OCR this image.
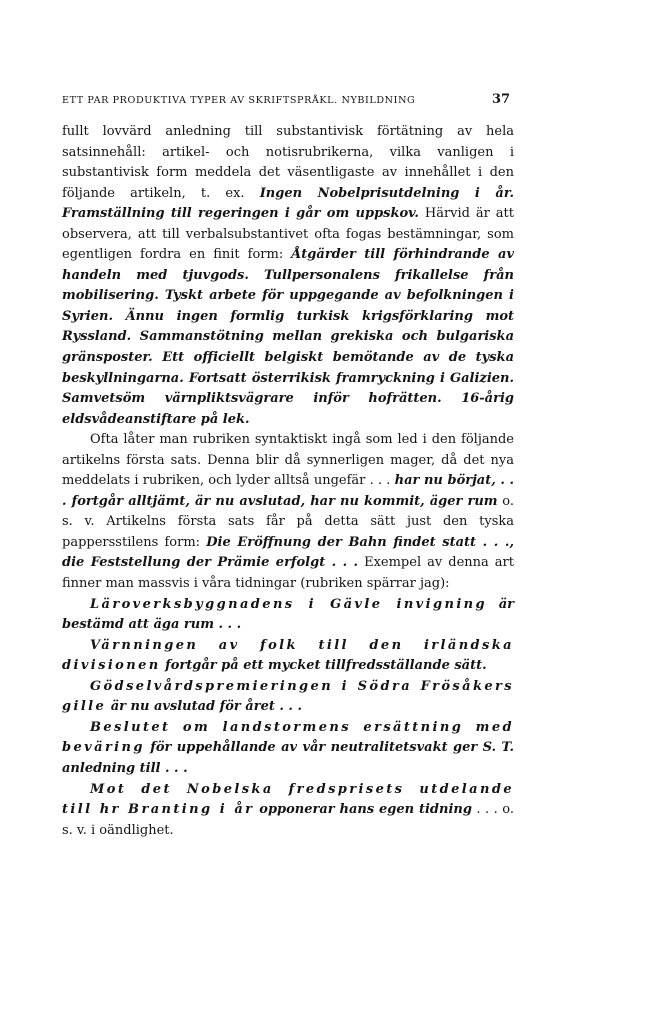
ETT PAR PRODUKTIVA TYPER AV SKRIFTSPRÅKL. NYBILDNING	37

fullt lovvärd anledning till substantivisk förtätning av hela satsinnehåll: artikel- och notisrubrikerna, vilka vanligen i substantivisk form meddela det väsentligaste av innehållet i den följande artikeln, t. ex. Ingen Nobelprisutdelning i år. Framställning till regeringen i går om uppskov. Härvid är att observera, att till verbalsubstantivet ofta fogas bestämningar, som egentligen fordra en finit form: Åtgärder till förhindrande av handeln med tjuvgods. Tullpersonalens frikallelse från mobilisering. Tyskt arbete för uppgegande av befolkningen i Syrien. Ännu ingen formlig turkisk krigsförklaring mot Ryssland. Sammanstötning mellan grekiska och bulgariska gränsposter. Ett officiellt belgiskt bemötande av de tyska beskyllningarna. Fortsatt österrikisk framryckning i Galizien. Samvetsöm värnpliktsvägrare inför hofrätten. 16-årig eldsvådeanstiftare på lek.

Ofta låter man rubriken syntaktiskt ingå som led i den följande artikelns första sats. Denna blir då synnerligen mager, då det nya meddelats i rubriken, och lyder alltså ungefär . . . har nu börjat, . . . fortgår alltjämt, är nu avslutad, har nu kommit, äger rum o. s. v. Artikelns första sats får på detta sätt just den tyska pappersstilens form: Die Eröffnung der Bahn findet statt . . ., die Feststellung der Prämie erfolgt . . . Exempel av denna art finner man massvis i våra tidningar (rubriken spärrar jag):

Läroverksbyggnadens i Gävle invigning är bestämd att äga rum . . .

Värnningen av folk till den irländska divisionen fortgår på ett mycket tillfredsställande sätt.

Gödselvårdspremieringen i Södra Frösåkers gille är nu avslutad för året . . .

Beslutet om landstormens ersättning med beväring för uppehållande av vår neutralitetsvakt ger S. T. anledning till . . .

Mot det Nobelska fredsprisets utdelande till hr Branting i år opponerar hans egen tidning . . . o. s. v. i oändlighet.
